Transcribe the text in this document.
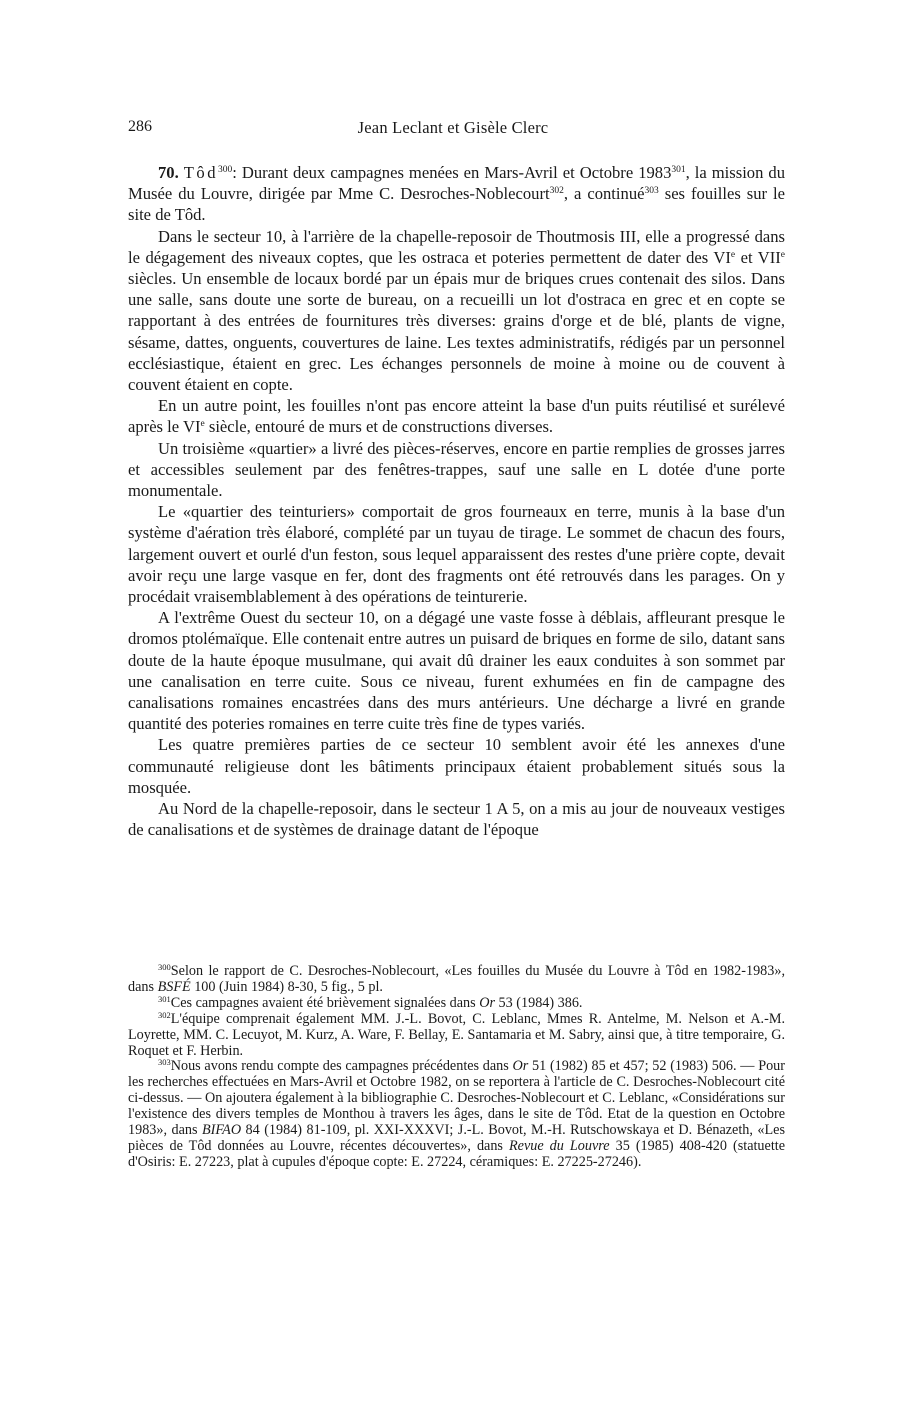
286	Jean Leclant et Gisèle Clerc

70. Tôd$^{300}$: Durant deux campagnes menées en Mars-Avril et Octobre 1983$^{301}$, la mission du Musée du Louvre, dirigée par Mme C. Desroches-Noblecourt$^{302}$, a continué$^{303}$ ses fouilles sur le site de Tôd.

Dans le secteur 10, à l'arrière de la chapelle-reposoir de Thoutmosis III, elle a progressé dans le dégagement des niveaux coptes, que les ostraca et poteries permettent de dater des VIe et VIIe siècles. Un ensemble de locaux bordé par un épais mur de briques crues contenait des silos. Dans une salle, sans doute une sorte de bureau, on a recueilli un lot d'ostraca en grec et en copte se rapportant à des entrées de fournitures très diverses: grains d'orge et de blé, plants de vigne, sésame, dattes, onguents, couvertures de laine. Les textes administratifs, rédigés par un personnel ecclésiastique, étaient en grec. Les échanges personnels de moine à moine ou de couvent à couvent étaient en copte.

En un autre point, les fouilles n'ont pas encore atteint la base d'un puits réutilisé et surélevé après le VIe siècle, entouré de murs et de constructions diverses.

Un troisième «quartier» a livré des pièces-réserves, encore en partie remplies de grosses jarres et accessibles seulement par des fenêtres-trappes, sauf une salle en L dotée d'une porte monumentale.

Le «quartier des teinturiers» comportait de gros fourneaux en terre, munis à la base d'un système d'aération très élaboré, complété par un tuyau de tirage. Le sommet de chacun des fours, largement ouvert et ourlé d'un feston, sous lequel apparaissent des restes d'une prière copte, devait avoir reçu une large vasque en fer, dont des fragments ont été retrouvés dans les parages. On y procédait vraisemblablement à des opérations de teinturerie.

A l'extrême Ouest du secteur 10, on a dégagé une vaste fosse à déblais, affleurant presque le dromos ptolémaïque. Elle contenait entre autres un puisard de briques en forme de silo, datant sans doute de la haute époque musulmane, qui avait dû drainer les eaux conduites à son sommet par une canalisation en terre cuite. Sous ce niveau, furent exhumées en fin de campagne des canalisations romaines encastrées dans des murs antérieurs. Une décharge a livré en grande quantité des poteries romaines en terre cuite très fine de types variés.

Les quatre premières parties de ce secteur 10 semblent avoir été les annexes d'une communauté religieuse dont les bâtiments principaux étaient probablement situés sous la mosquée.

Au Nord de la chapelle-reposoir, dans le secteur 1 A 5, on a mis au jour de nouveaux vestiges de canalisations et de systèmes de drainage datant de l'époque

$^{300}$Selon le rapport de C. Desroches-Noblecourt, «Les fouilles du Musée du Louvre à Tôd en 1982-1983», dans BSFÉ 100 (Juin 1984) 8-30, 5 fig., 5 pl.

$^{301}$Ces campagnes avaient été brièvement signalées dans Or 53 (1984) 386.

$^{302}$L'équipe comprenait également MM. J.-L. Bovot, C. Leblanc, Mmes R. Antelme, M. Nelson et A.-M. Loyrette, MM. C. Lecuyot, M. Kurz, A. Ware, F. Bellay, E. Santamaria et M. Sabry, ainsi que, à titre temporaire, G. Roquet et F. Herbin.

$^{303}$Nous avons rendu compte des campagnes précédentes dans Or 51 (1982) 85 et 457; 52 (1983) 506. — Pour les recherches effectuées en Mars-Avril et Octobre 1982, on se reportera à l'article de C. Desroches-Noblecourt cité ci-dessus. — On ajoutera également à la bibliographie C. Desroches-Noblecourt et C. Leblanc, «Considérations sur l'existence des divers temples de Monthou à travers les âges, dans le site de Tôd. Etat de la question en Octobre 1983», dans BIFAO 84 (1984) 81-109, pl. XXI-XXXVI; J.-L. Bovot, M.-H. Rutschowskaya et D. Bénazeth, «Les pièces de Tôd données au Louvre, récentes découvertes», dans Revue du Louvre 35 (1985) 408-420 (statuette d'Osiris: E. 27223, plat à cupules d'époque copte: E. 27224, céramiques: E. 27225-27246).
